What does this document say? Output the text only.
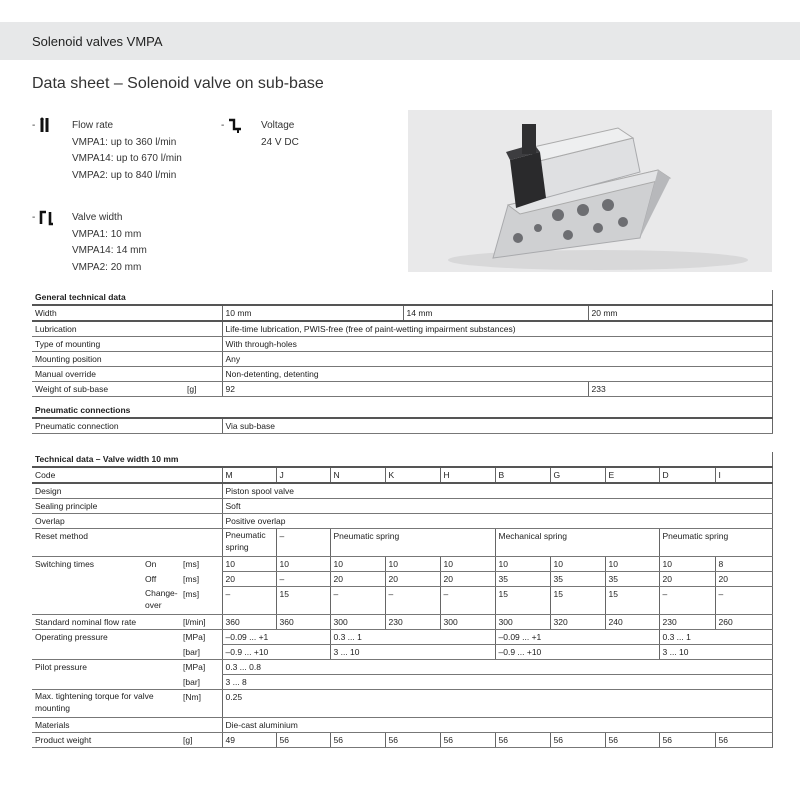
Solenoid valves VMPA
Data sheet – Solenoid valve on sub-base
-	Flow rate
VMPA1: up to 360 l/min
VMPA14: up to 670 l/min
VMPA2: up to 840 l/min
-	Voltage
24 V DC
-	Valve width
VMPA1: 10 mm
VMPA14: 14 mm
VMPA2: 20 mm
General technical data				
Width		10 mm	14 mm	20 mm
Lubrication		Life-time lubrication, PWIS-free (free of paint-wetting impairment substances)		
Type of mounting		With through-holes		
Mounting position		Any		
Manual override		Non-detenting, detenting		
Weight of sub-base	[g]	92		233

Pneumatic connections				
Pneumatic connection		Via sub-base		
Technical data – Valve width 10 mm												
Code			M	J	N	K	H	B	G	E	D	I
Design			Piston spool valve									
Sealing principle			Soft									
Overlap			Positive overlap									
Reset method			Pneumatic spring	–	Pneumatic spring			Mechanical spring			Pneumatic spring	
Switching times	On	[ms]	10	10	10	10	10	10	10	10	10	8
	Off	[ms]	20	–	20	20	20	35	35	35	20	20
	Change-over	[ms]	–	15	–	–	–	15	15	15	–	–
Standard nominal flow rate		[l/min]	360	360	300	230	300	300	320	240	230	260
Operating pressure		[MPa]	–0.09 ... +1		0.3 ... 1			–0.09 ... +1			0.3 ... 1	
		[bar]	–0.9 ... +10		3 ... 10			–0.9 ... +10			3 ... 10	
Pilot pressure		[MPa]	0.3 ... 0.8									
		[bar]	3 ... 8									
Max. tightening torque for valve mounting		[Nm]	0.25									
Materials			Die-cast aluminium									
Product weight		[g]	49	56	56	56	56	56	56	56	56	56
